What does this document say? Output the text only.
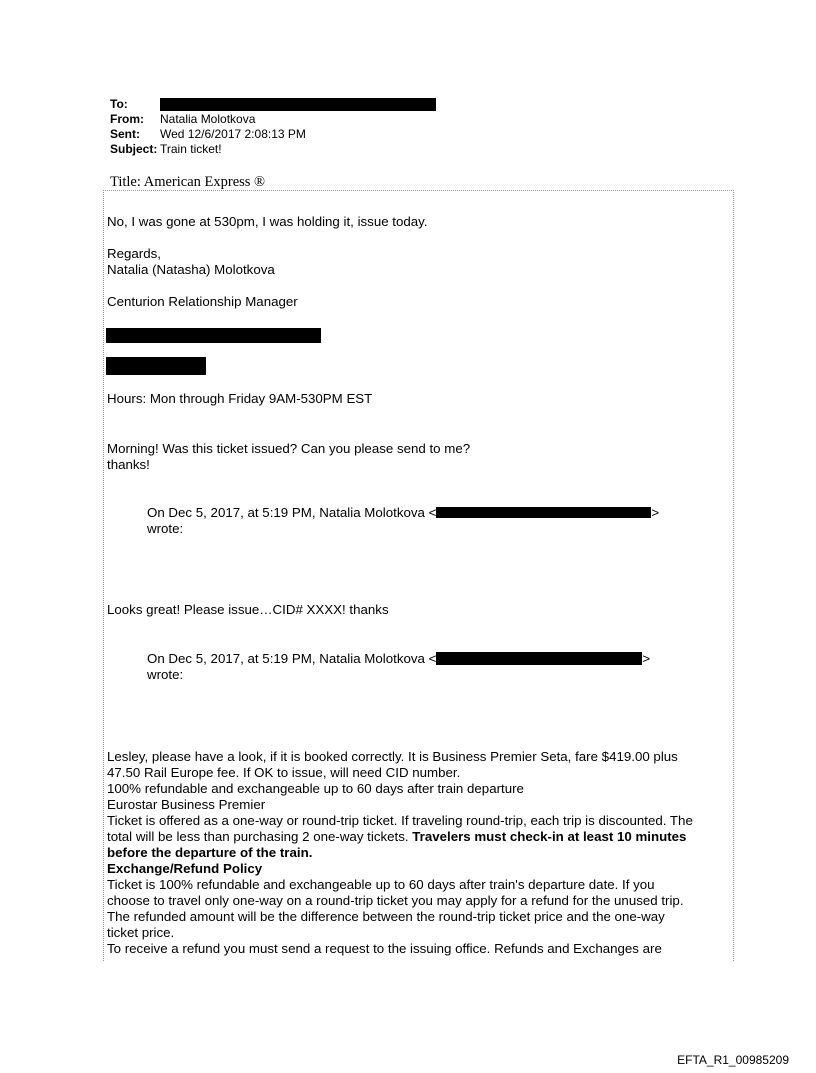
To:
From:	Natalia Molotkova
Sent:	Wed 12/6/2017 2:08:13 PM
Subject: Train ticket!
Title: American Express ®
No, I was gone at 530pm, I was holding it, issue today.
Regards,
Natalia (Natasha) Molotkova
Centurion Relationship Manager
Hours: Mon through Friday 9AM-530PM EST
Morning! Was this ticket issued? Can you please send to me?
thanks!
On Dec 5, 2017, at 5:19 PM, Natalia Molotkova <	>
wrote:
Looks great! Please issue…CID# XXXX! thanks
On Dec 5, 2017, at 5:19 PM, Natalia Molotkova <	>
wrote:
Lesley, please have a look, if it is booked correctly. It is Business Premier Seta, fare $419.00 plus
47.50 Rail Europe fee. If OK to issue, will need CID number.
100% refundable and exchangeable up to 60 days after train departure
Eurostar Business Premier
Ticket is offered as a one-way or round-trip ticket. If traveling round-trip, each trip is discounted. The
total will be less than purchasing 2 one-way tickets. Travelers must check-in at least 10 minutes
before the departure of the train.
Exchange/Refund Policy
Ticket is 100% refundable and exchangeable up to 60 days after train's departure date. If you
choose to travel only one-way on a round-trip ticket you may apply for a refund for the unused trip.
The refunded amount will be the difference between the round-trip ticket price and the one-way
ticket price.
To receive a refund you must send a request to the issuing office. Refunds and Exchanges are
EFTA_R1_00985209
